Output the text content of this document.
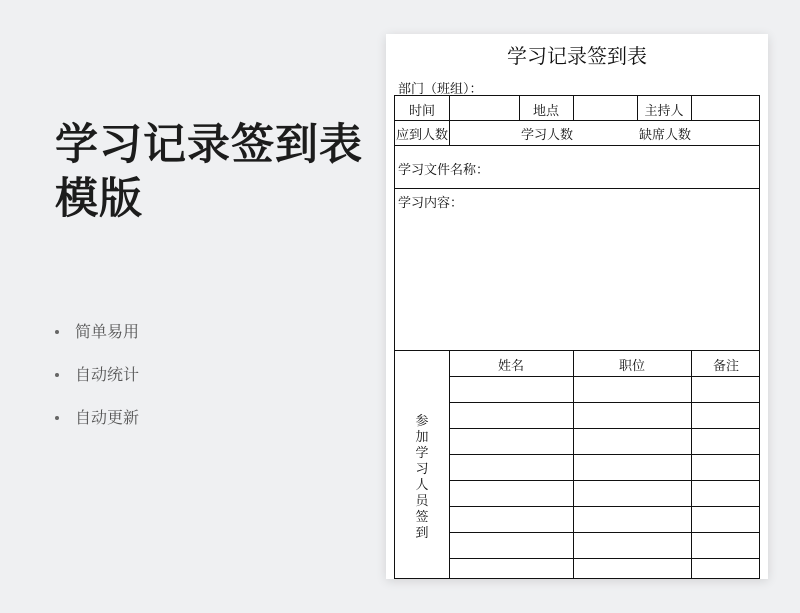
学习记录签到表
模版
简单易用
自动统计
自动更新
学习记录签到表
部门（班组）：
时间	地点	主持人
应到人数	学习人数	缺席人数
学习文件名称：
学习内容：
姓名	职位	备注
参
加
学
习
人
员
签
到
